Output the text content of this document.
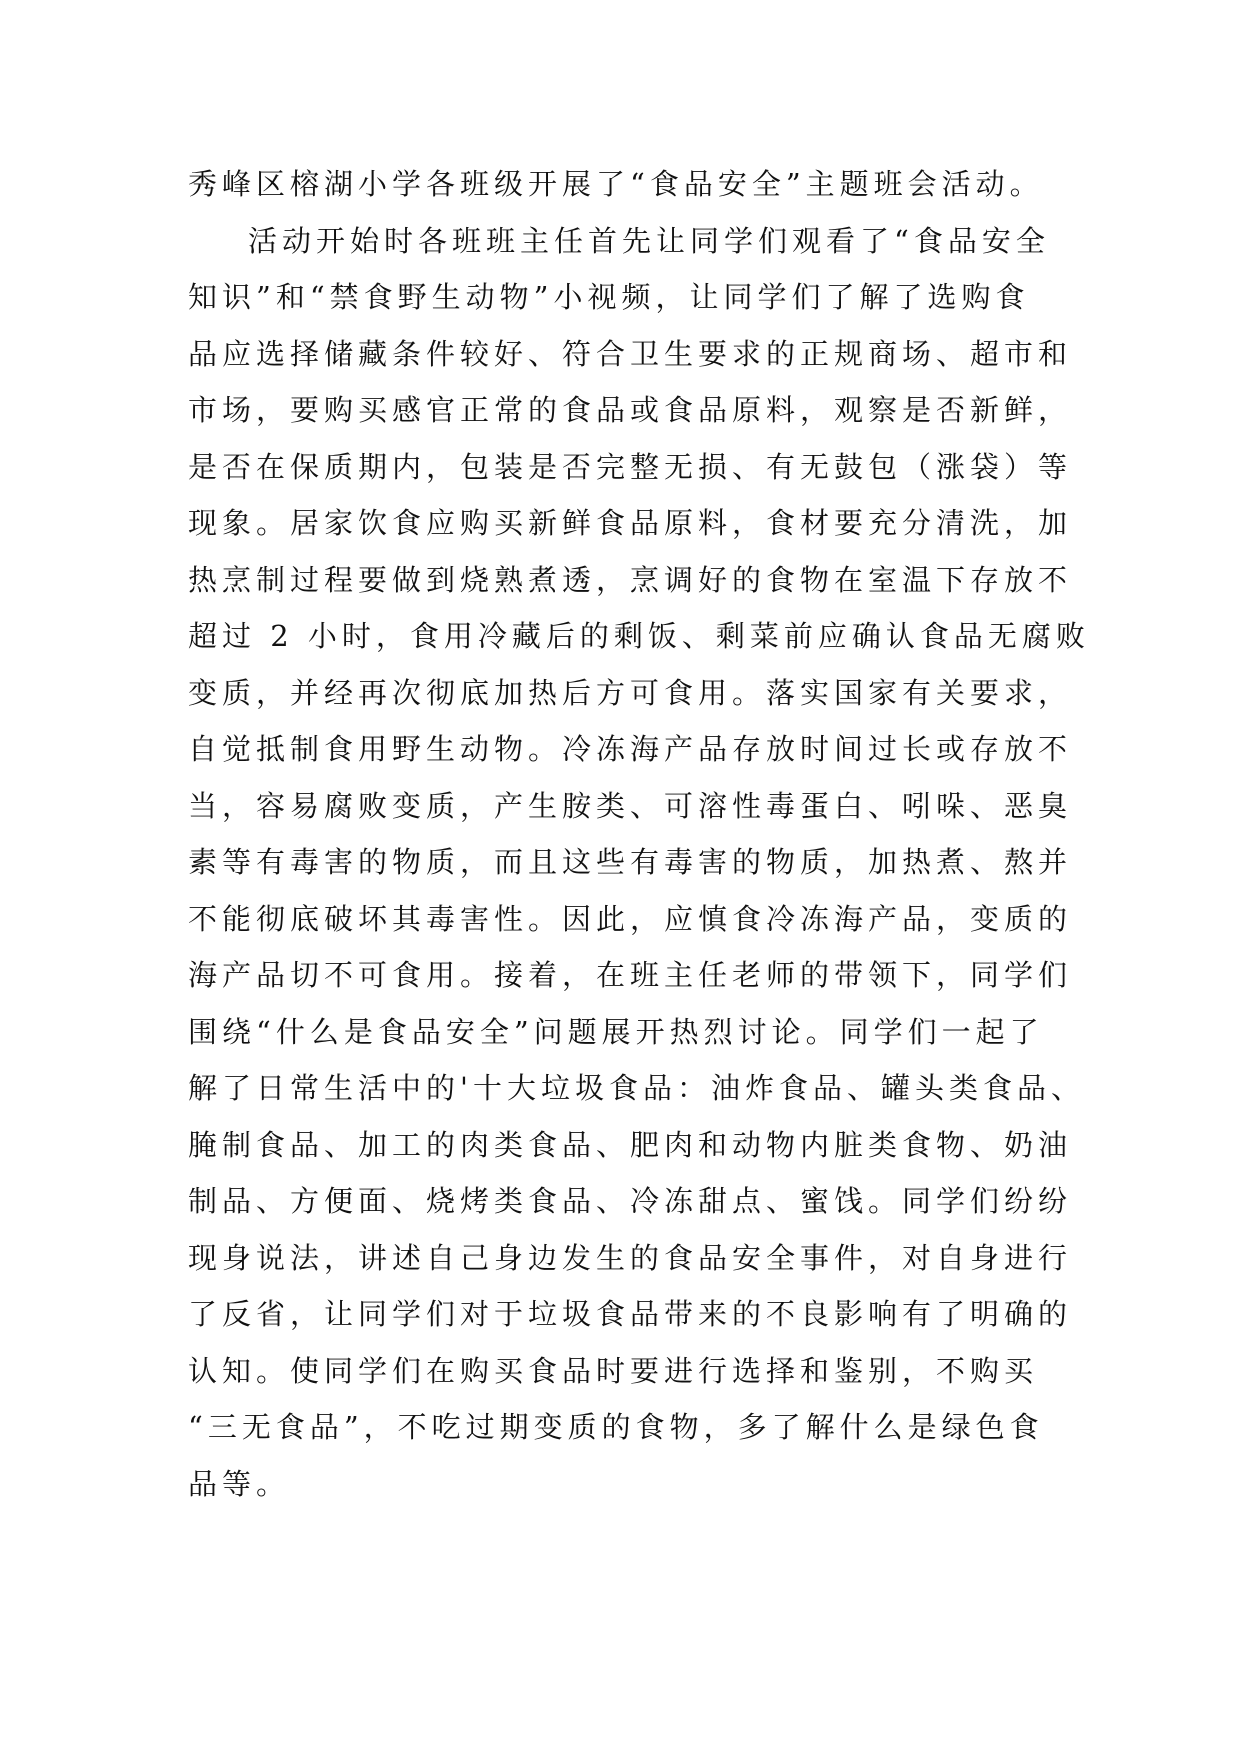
秀峰区榕湖小学各班级开展了“食品安全”主题班会活动。
活动开始时各班班主任首先让同学们观看了“食品安全
知识”和“禁食野生动物”小视频，让同学们了解了选购食
品应选择储藏条件较好、符合卫生要求的正规商场、超市和
市场，要购买感官正常的食品或食品原料，观察是否新鲜，
是否在保质期内，包装是否完整无损、有无鼓包（涨袋）等
现象。居家饮食应购买新鲜食品原料，食材要充分清洗，加
热烹制过程要做到烧熟煮透，烹调好的食物在室温下存放不
超过 2 小时，食用冷藏后的剩饭、剩菜前应确认食品无腐败
变质，并经再次彻底加热后方可食用。落实国家有关要求，
自觉抵制食用野生动物。冷冻海产品存放时间过长或存放不
当，容易腐败变质，产生胺类、可溶性毒蛋白、吲哚、恶臭
素等有毒害的物质，而且这些有毒害的物质，加热煮、熬并
不能彻底破坏其毒害性。因此，应慎食冷冻海产品，变质的
海产品切不可食用。接着，在班主任老师的带领下，同学们
围绕“什么是食品安全”问题展开热烈讨论。同学们一起了
解了日常生活中的'十大垃圾食品：油炸食品、罐头类食品、
腌制食品、加工的肉类食品、肥肉和动物内脏类食物、奶油
制品、方便面、烧烤类食品、冷冻甜点、蜜饯。同学们纷纷
现身说法，讲述自己身边发生的食品安全事件，对自身进行
了反省，让同学们对于垃圾食品带来的不良影响有了明确的
认知。使同学们在购买食品时要进行选择和鉴别，不购买
“三无食品”，不吃过期变质的食物，多了解什么是绿色食
品等。
